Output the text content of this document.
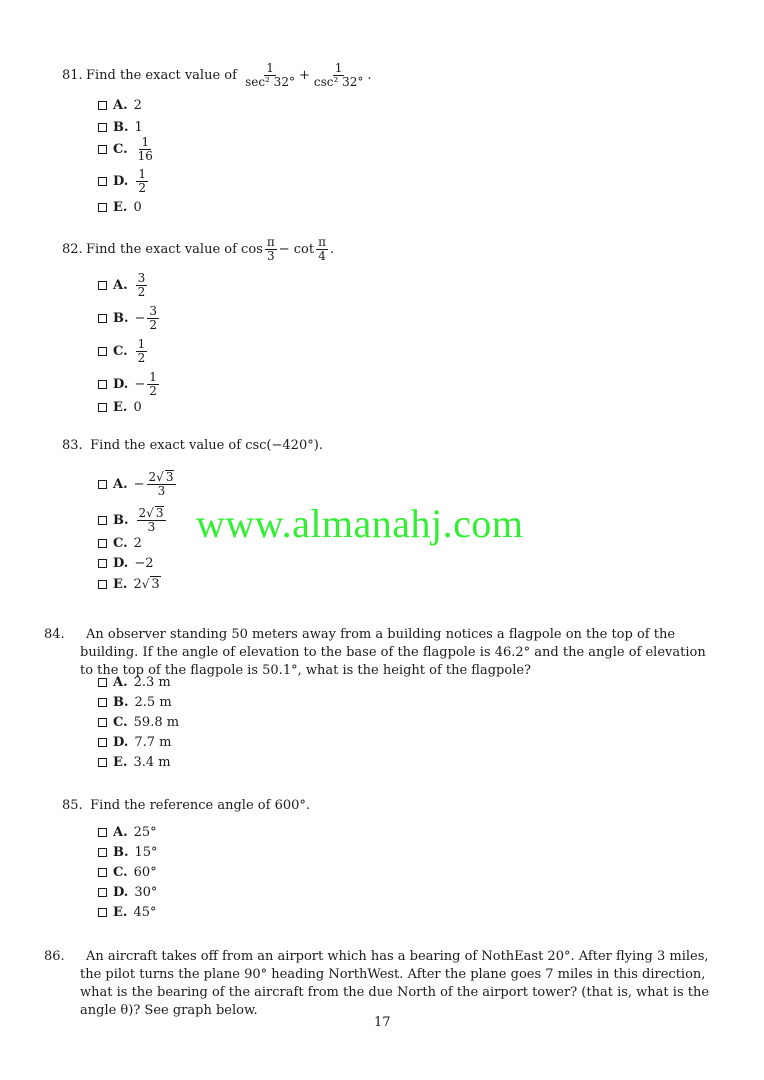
81. Find the exact value of
$\frac{1}{\text{sec² 32°}} + \frac{1}{\text{csc² 32°}}$ .
A. 2
B. 1
C. $\frac{1}{16}$
D. $\frac{1}{2}$
E. 0
82. Find the exact value of $\cos \frac{\pi}{3} - \cot \frac{\pi}{4}$ .
A. $\frac{3}{2}$
B. − $\frac{3}{2}$
C. $\frac{1}{2}$
D. − $\frac{1}{2}$
E. 0
83. Find the exact value of csc(−420°).
A. − $\frac{2√ 3}{3}$
B. $\frac{2√ 3}{3}$
C. 2
D. −2
E. 2 √ 3
www.almanahj.com
84. An observer standing 50 meters away from a building notices a flagpole on the top of the building. If the angle of elevation to the base of the flagpole is 46.2° and the angle of elevation to the top of the flagpole is 50.1°, what is the height of the flagpole?
A. 2.3 m
B. 2.5 m
C. 59.8 m
D. 7.7 m
E. 3.4 m
85. Find the reference angle of 600°.
A. 25°
B. 15°
C. 60°
D. 30°
E. 45°
86. An aircraft takes off from an airport which has a bearing of NothEast 20°. After flying 3 miles, the pilot turns the plane 90° heading NorthWest. After the plane goes 7 miles in this direction, what is the bearing of the aircraft from the due North of the airport tower? (that is, what is the angle θ)? See graph below.
17
